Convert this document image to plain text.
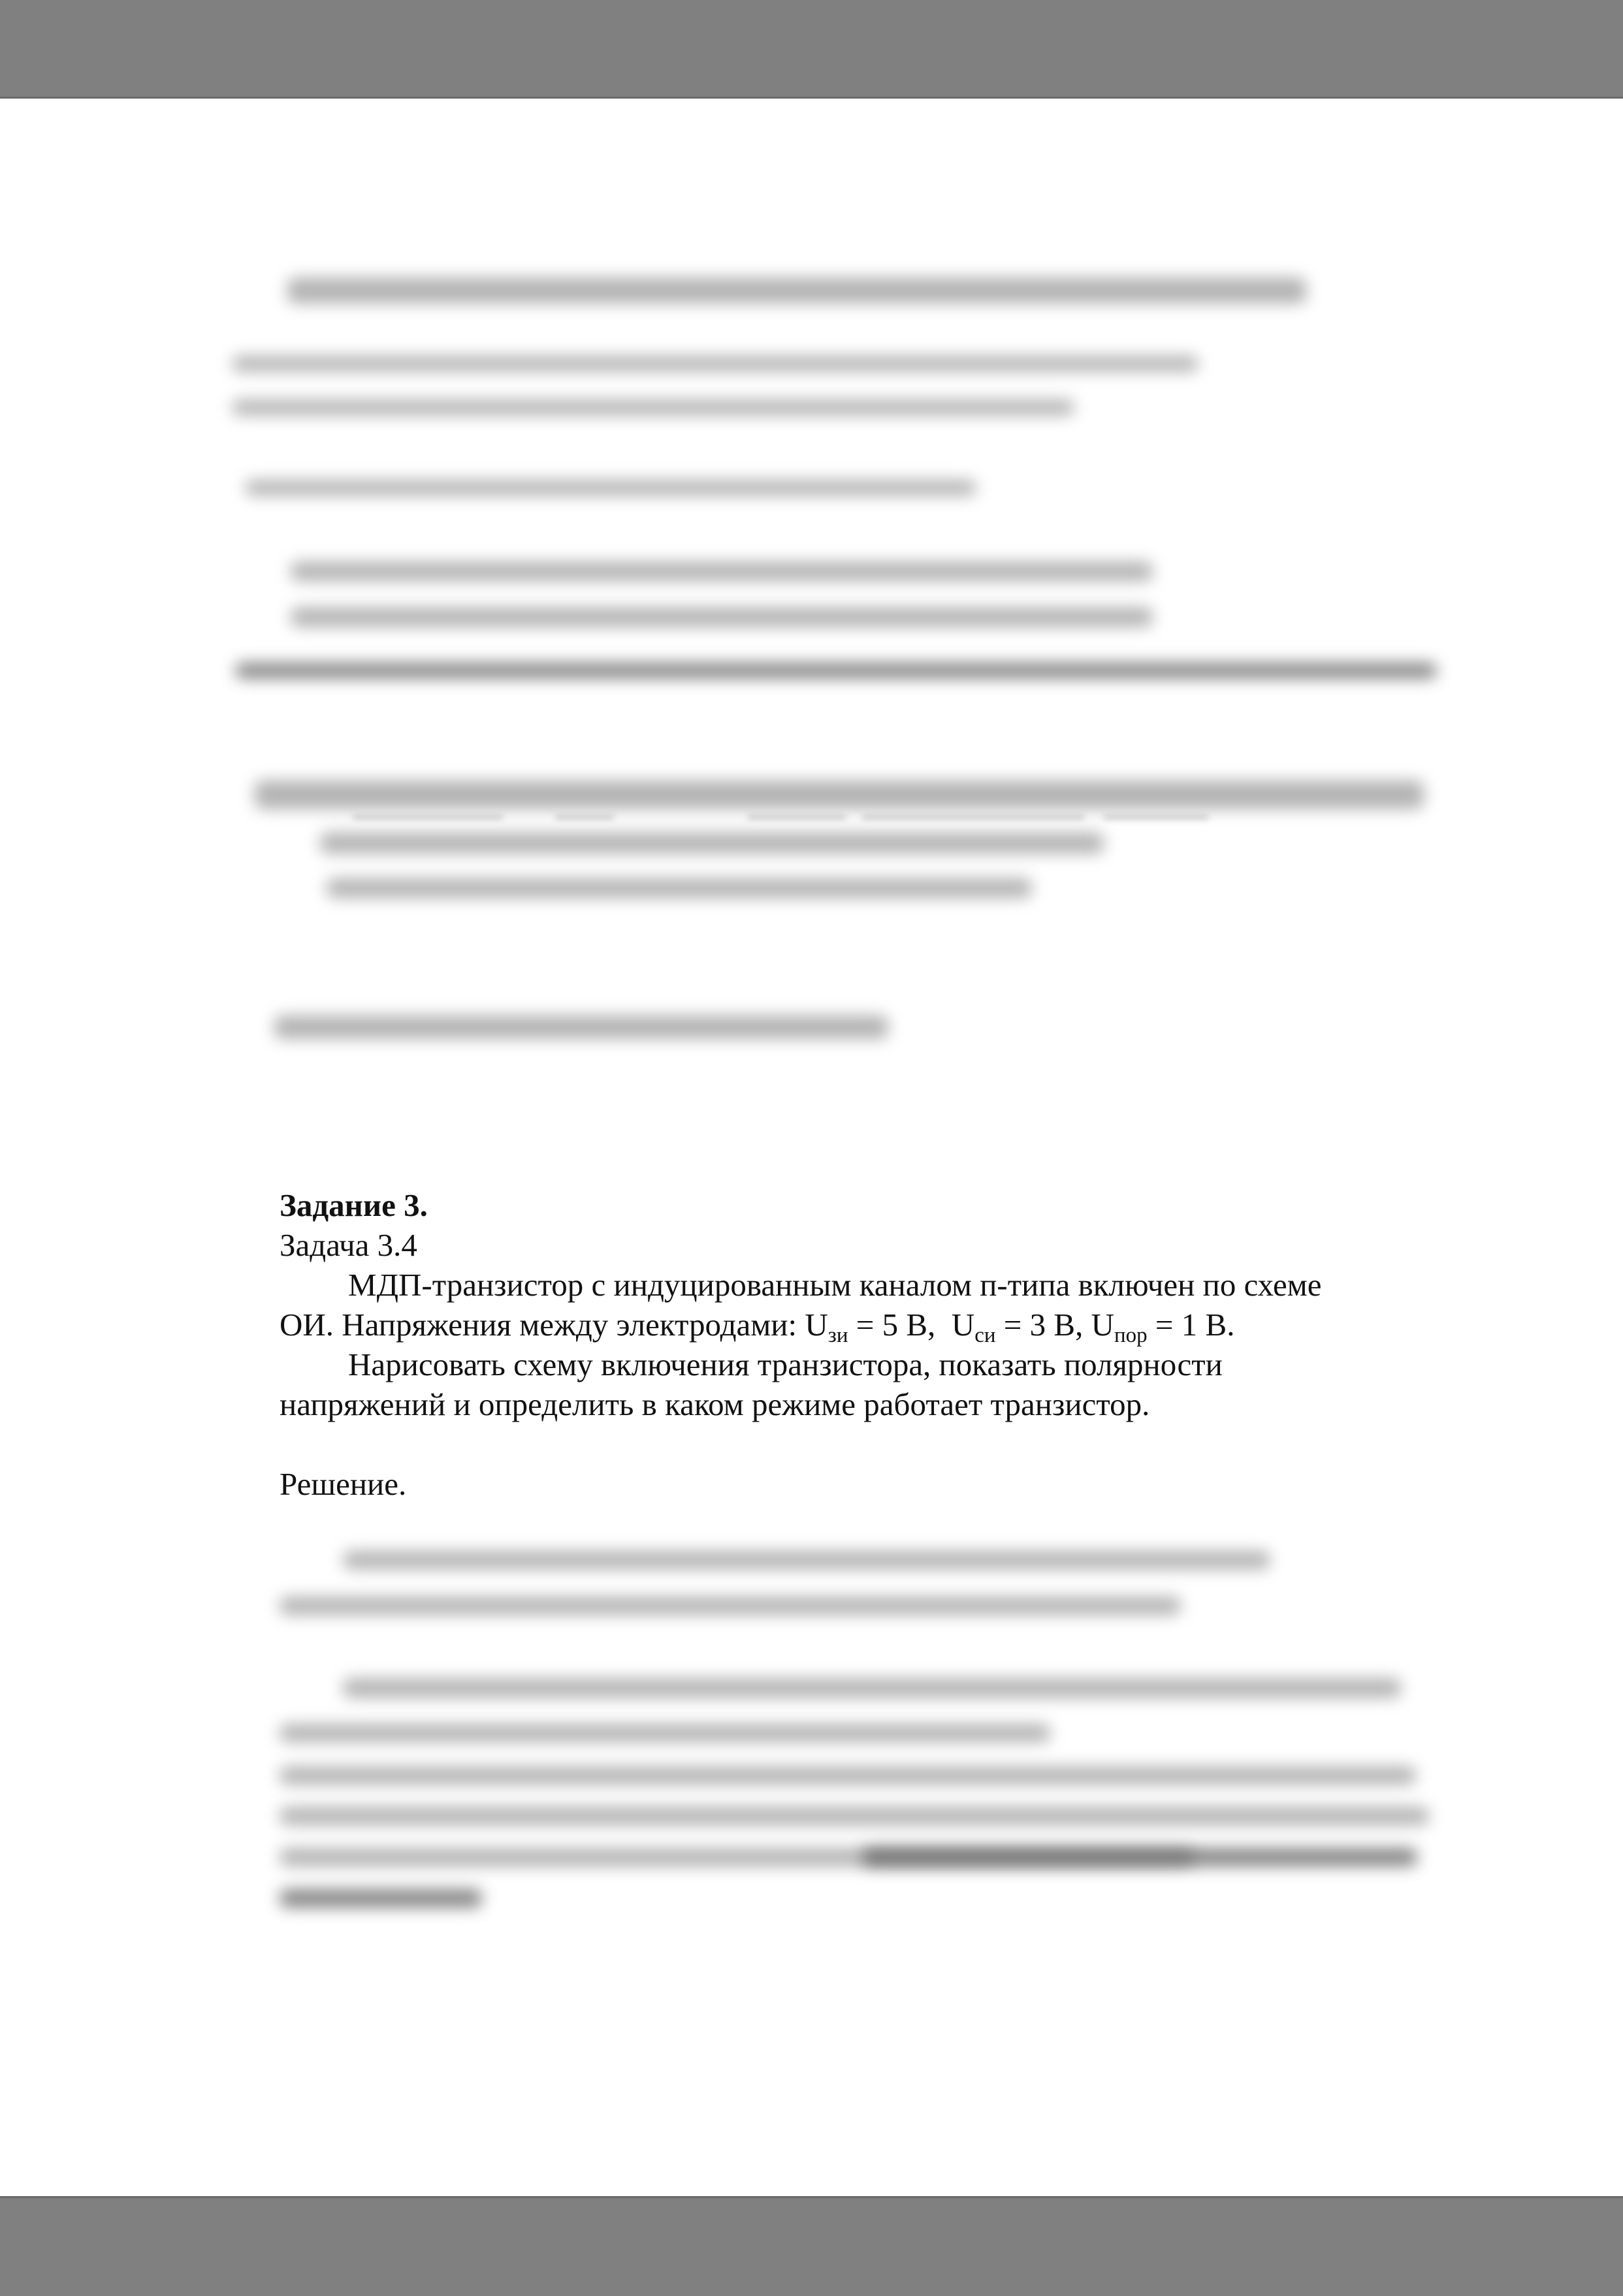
Задание 3.

Задача 3.4

МДП-транзистор с индуцированным каналом п-типа включен по схеме

ОИ. Напряжения между электродами: $U_{зи} = 5$ В, $U_{си} = 3$ В, $U_{пор} = 1$ В.

Нарисовать схему включения транзистора, показать полярности

напряжений и определить в каком режиме работает транзистор.

Решение.
